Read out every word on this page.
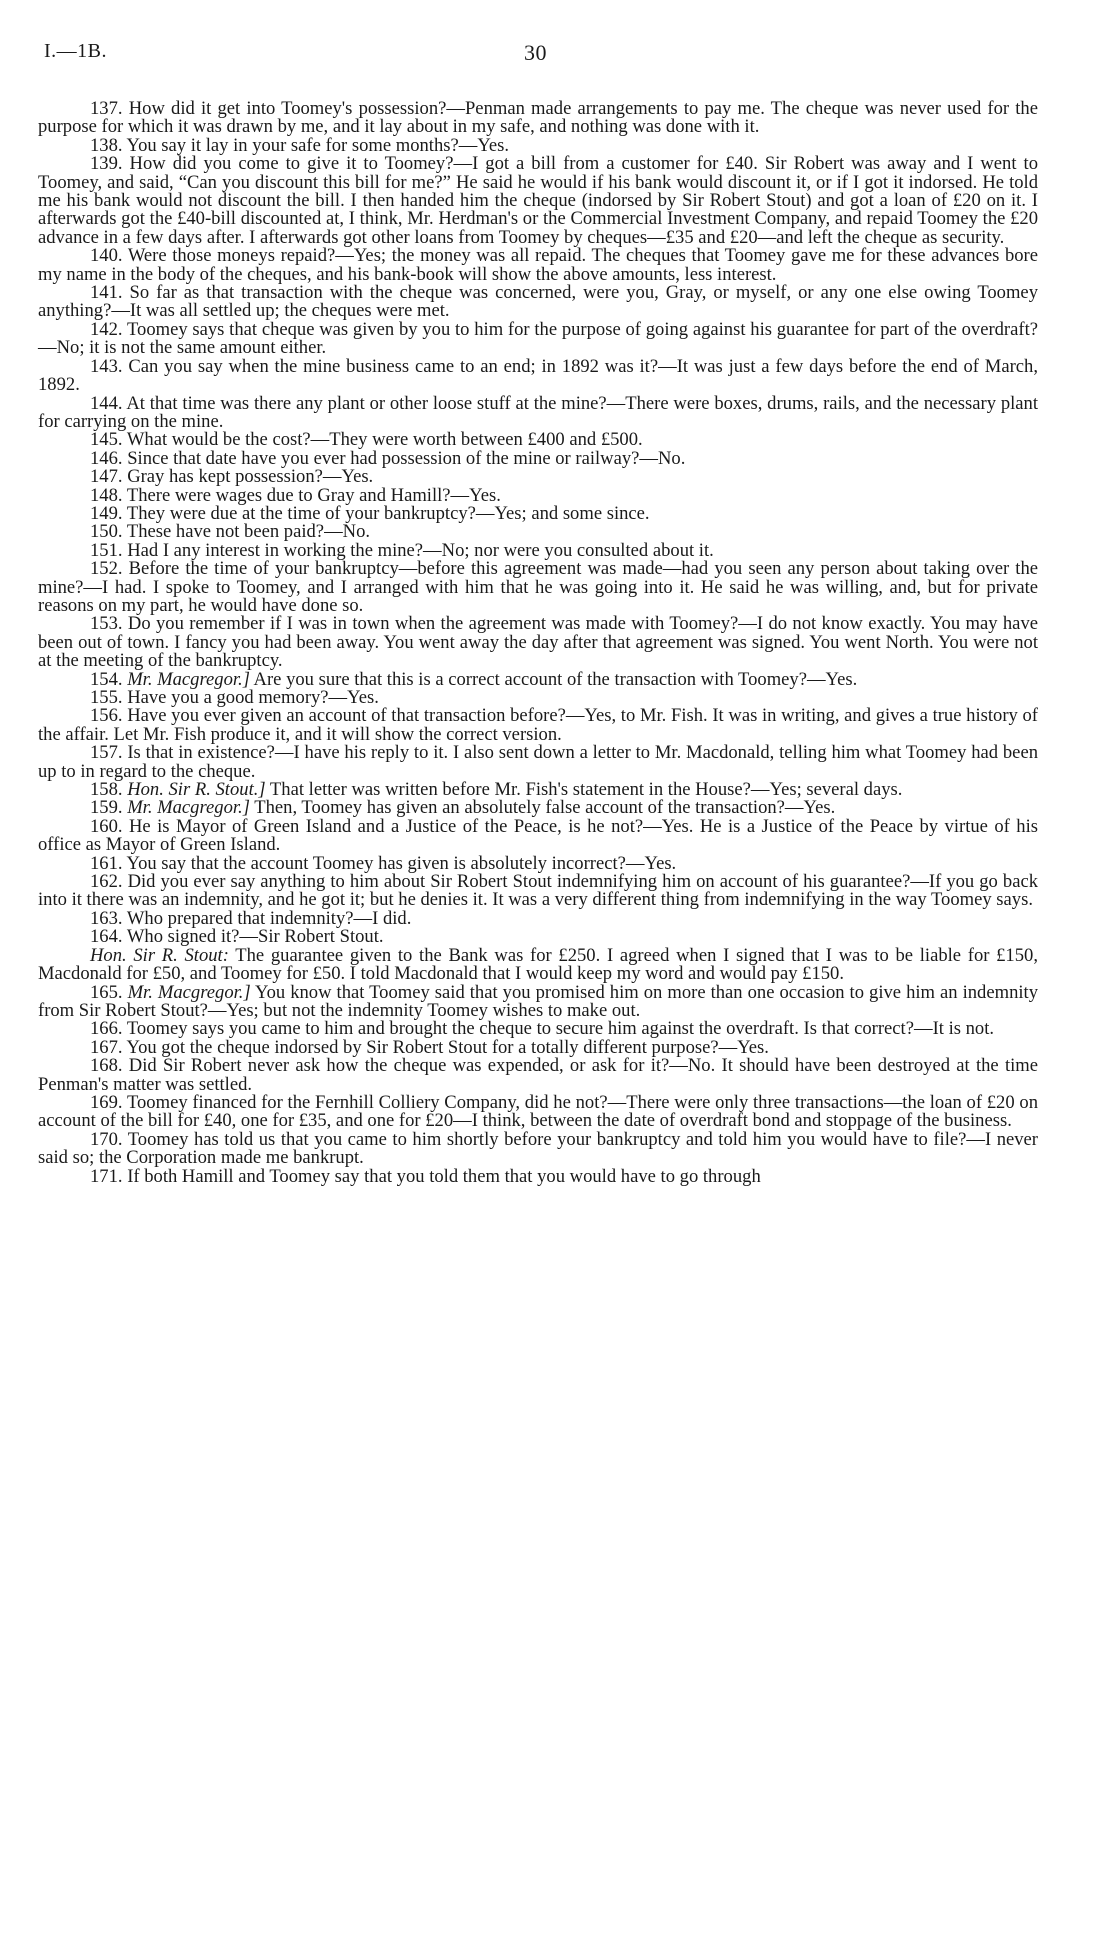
I.—1B.	30

137. How did it get into Toomey's possession?—Penman made arrangements to pay me. The cheque was never used for the purpose for which it was drawn by me, and it lay about in my safe, and nothing was done with it.

138. You say it lay in your safe for some months?—Yes.

139. How did you come to give it to Toomey?—I got a bill from a customer for £40. Sir Robert was away and I went to Toomey, and said, “Can you discount this bill for me?” He said he would if his bank would discount it, or if I got it indorsed. He told me his bank would not discount the bill. I then handed him the cheque (indorsed by Sir Robert Stout) and got a loan of £20 on it. I afterwards got the £40-bill discounted at, I think, Mr. Herdman's or the Commercial Investment Company, and repaid Toomey the £20 advance in a few days after. I afterwards got other loans from Toomey by cheques—£35 and £20—and left the cheque as security.

140. Were those moneys repaid?—Yes; the money was all repaid. The cheques that Toomey gave me for these advances bore my name in the body of the cheques, and his bank-book will show the above amounts, less interest.

141. So far as that transaction with the cheque was concerned, were you, Gray, or myself, or any one else owing Toomey anything?—It was all settled up; the cheques were met.

142. Toomey says that cheque was given by you to him for the purpose of going against his guarantee for part of the overdraft?—No; it is not the same amount either.

143. Can you say when the mine business came to an end; in 1892 was it?—It was just a few days before the end of March, 1892.

144. At that time was there any plant or other loose stuff at the mine?—There were boxes, drums, rails, and the necessary plant for carrying on the mine.

145. What would be the cost?—They were worth between £400 and £500.

146. Since that date have you ever had possession of the mine or railway?—No.

147. Gray has kept possession?—Yes.

148. There were wages due to Gray and Hamill?—Yes.

149. They were due at the time of your bankruptcy?—Yes; and some since.

150. These have not been paid?—No.

151. Had I any interest in working the mine?—No; nor were you consulted about it.

152. Before the time of your bankruptcy—before this agreement was made—had you seen any person about taking over the mine?—I had. I spoke to Toomey, and I arranged with him that he was going into it. He said he was willing, and, but for private reasons on my part, he would have done so.

153. Do you remember if I was in town when the agreement was made with Toomey?—I do not know exactly. You may have been out of town. I fancy you had been away. You went away the day after that agreement was signed. You went North. You were not at the meeting of the bankruptcy.

154. Mr. Macgregor.] Are you sure that this is a correct account of the transaction with Toomey?—Yes.

155. Have you a good memory?—Yes.

156. Have you ever given an account of that transaction before?—Yes, to Mr. Fish. It was in writing, and gives a true history of the affair. Let Mr. Fish produce it, and it will show the correct version.

157. Is that in existence?—I have his reply to it. I also sent down a letter to Mr. Macdonald, telling him what Toomey had been up to in regard to the cheque.

158. Hon. Sir R. Stout.] That letter was written before Mr. Fish's statement in the House?—Yes; several days.

159. Mr. Macgregor.] Then, Toomey has given an absolutely false account of the transaction?—Yes.

160. He is Mayor of Green Island and a Justice of the Peace, is he not?—Yes. He is a Justice of the Peace by virtue of his office as Mayor of Green Island.

161. You say that the account Toomey has given is absolutely incorrect?—Yes.

162. Did you ever say anything to him about Sir Robert Stout indemnifying him on account of his guarantee?—If you go back into it there was an indemnity, and he got it; but he denies it. It was a very different thing from indemnifying in the way Toomey says.

163. Who prepared that indemnity?—I did.

164. Who signed it?—Sir Robert Stout.

Hon. Sir R. Stout: The guarantee given to the Bank was for £250. I agreed when I signed that I was to be liable for £150, Macdonald for £50, and Toomey for £50. I told Macdonald that I would keep my word and would pay £150.

165. Mr. Macgregor.] You know that Toomey said that you promised him on more than one occasion to give him an indemnity from Sir Robert Stout?—Yes; but not the indemnity Toomey wishes to make out.

166. Toomey says you came to him and brought the cheque to secure him against the overdraft. Is that correct?—It is not.

167. You got the cheque indorsed by Sir Robert Stout for a totally different purpose?—Yes.

168. Did Sir Robert never ask how the cheque was expended, or ask for it?—No. It should have been destroyed at the time Penman's matter was settled.

169. Toomey financed for the Fernhill Colliery Company, did he not?—There were only three transactions—the loan of £20 on account of the bill for £40, one for £35, and one for £20—I think, between the date of overdraft bond and stoppage of the business.

170. Toomey has told us that you came to him shortly before your bankruptcy and told him you would have to file?—I never said so; the Corporation made me bankrupt.

171. If both Hamill and Toomey say that you told them that you would have to go through
